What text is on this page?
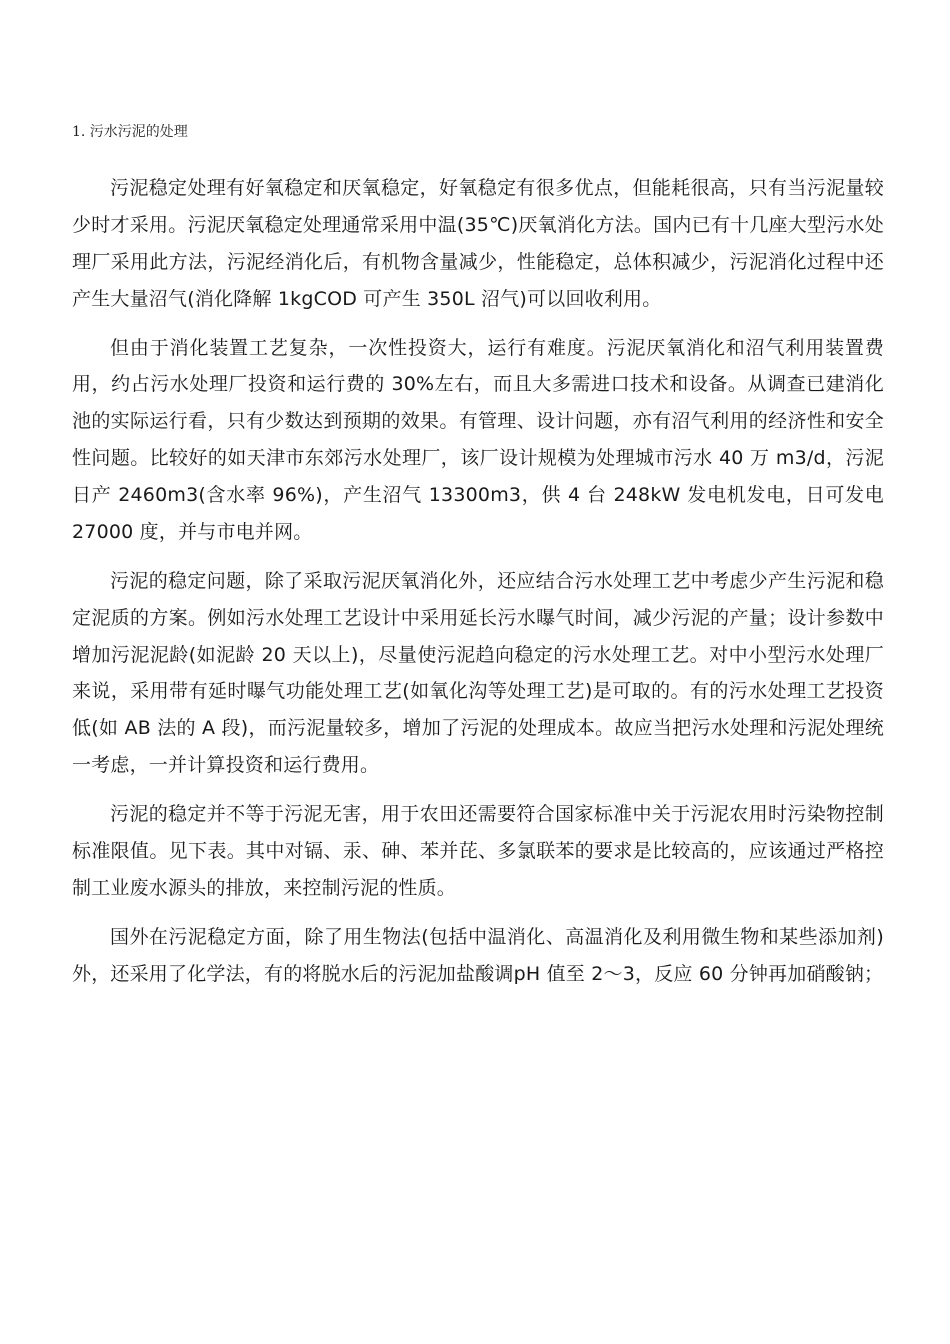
1. 污水污泥的处理

污泥稳定处理有好氧稳定和厌氧稳定，好氧稳定有很多优点，但能耗很高，只有当污泥量较少时才采用。污泥厌氧稳定处理通常采用中温(35℃)厌氧消化方法。国内已有十几座大型污水处理厂采用此方法，污泥经消化后，有机物含量减少，性能稳定，总体积减少，污泥消化过程中还产生大量沼气(消化降解 1kgCOD 可产生 350L 沼气)可以回收利用。

但由于消化装置工艺复杂，一次性投资大，运行有难度。污泥厌氧消化和沼气利用装置费用，约占污水处理厂投资和运行费的 30%左右，而且大多需进口技术和设备。从调查已建消化池的实际运行看，只有少数达到预期的效果。有管理、设计问题，亦有沼气利用的经济性和安全性问题。比较好的如天津市东郊污水处理厂，该厂设计规模为处理城市污水 40 万 m3/d，污泥日产 2460m3(含水率 96%)，产生沼气 13300m3，供 4 台 248kW 发电机发电，日可发电 27000 度，并与市电并网。

污泥的稳定问题，除了采取污泥厌氧消化外，还应结合污水处理工艺中考虑少产生污泥和稳定泥质的方案。例如污水处理工艺设计中采用延长污水曝气时间，减少污泥的产量；设计参数中增加污泥泥龄(如泥龄 20 天以上)，尽量使污泥趋向稳定的污水处理工艺。对中小型污水处理厂来说，采用带有延时曝气功能处理工艺(如氧化沟等处理工艺)是可取的。有的污水处理工艺投资低(如 AB 法的 A 段)，而污泥量较多，增加了污泥的处理成本。故应当把污水处理和污泥处理统一考虑，一并计算投资和运行费用。

污泥的稳定并不等于污泥无害，用于农田还需要符合国家标准中关于污泥农用时污染物控制标准限值。见下表。其中对镉、汞、砷、苯并芘、多氯联苯的要求是比较高的，应该通过严格控制工业废水源头的排放，来控制污泥的性质。

国外在污泥稳定方面，除了用生物法(包括中温消化、高温消化及利用微生物和某些添加剂)外，还采用了化学法，有的将脱水后的污泥加盐酸调pH 值至 2～3，反应 60 分钟再加硝酸钠；
